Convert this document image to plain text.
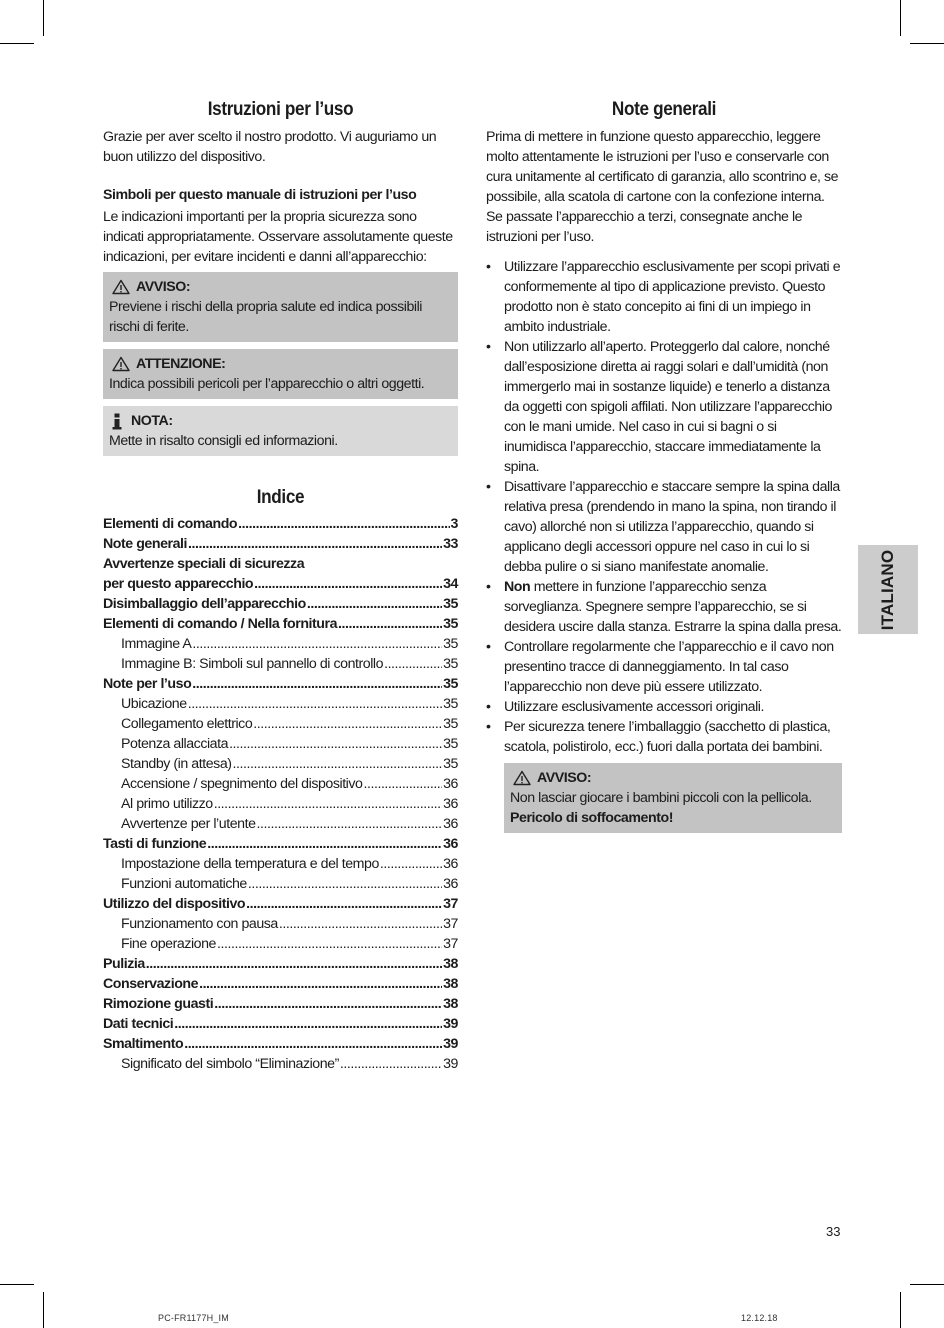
Istruzioni per l’uso

Grazie per aver scelto il nostro prodotto. Vi auguriamo un buon utilizzo del dispositivo.

Simboli per questo manuale di istruzioni per l’uso

Le indicazioni importanti per la propria sicurezza sono indicati appropriatamente. Osservare assolutamente queste indicazioni, per evitare incidenti e danni all’apparecchio:

AVVISO:
Previene i rischi della propria salute ed indica possibili rischi di ferite.
ATTENZIONE:
Indica possibili pericoli per l’apparecchio o altri oggetti.
NOTA:
Mette in risalto consigli ed informazioni.
Indice
Elementi di comando .....	3
Note generali .....	33
Avvertenze speciali di sicurezza
per questo apparecchio .....	34
Disimballaggio dell’apparecchio .....	35
Elementi di comando / Nella fornitura .....	35
Immagine A .....	35
Immagine B: Simboli sul pannello di controllo .....	35
Note per l’uso .....	35
Ubicazione .....	35
Collegamento elettrico .....	35
Potenza allacciata .....	35
Standby (in attesa) .....	35
Accensione / spegnimento del dispositivo .....	36
Al primo utilizzo .....	36
Avvertenze per l’utente .....	36
Tasti di funzione .....	36
Impostazione della temperatura e del tempo .....	36
Funzioni automatiche .....	36
Utilizzo del dispositivo .....	37
Funzionamento con pausa .....	37
Fine operazione .....	37
Pulizia .....	38
Conservazione .....	38
Rimozione guasti .....	38
Dati tecnici .....	39
Smaltimento .....	39
Significato del simbolo “Eliminazione” .....	39
Note generali

Prima di mettere in funzione questo apparecchio, leggere molto attentamente le istruzioni per l’uso e conservarle con cura unitamente al certificato di garanzia, allo scontrino e, se possibile, alla scatola di cartone con la confezione interna. Se passate l’apparecchio a terzi, consegnate anche le istruzioni per l’uso.

• Utilizzare l’apparecchio esclusivamente per scopi privati e conformemente al tipo di applicazione previsto. Questo prodotto non è stato concepito ai fini di un impiego in ambito industriale.
• Non utilizzarlo all’aperto. Proteggerlo dal calore, nonché dall’esposizione diretta ai raggi solari e dall’umidità (non immergerlo mai in sostanze liquide) e tenerlo a distanza da oggetti con spigoli affilati. Non utilizzare l’apparecchio con le mani umide. Nel caso in cui si bagni o si inumidisca l’apparecchio, staccare immediatamente la spina.
• Disattivare l’apparecchio e staccare sempre la spina dalla relativa presa (prendendo in mano la spina, non tirando il cavo) allorché non si utilizza l’apparecchio, quando si applicano degli accessori oppure nel caso in cui lo si debba pulire o si siano manifestate anomalie.
• Non mettere in funzione l’apparecchio senza sorveglianza. Spegnere sempre l’apparecchio, se si desidera uscire dalla stanza. Estrarre la spina dalla presa.
• Controllare regolarmente che l’apparecchio e il cavo non presentino tracce di danneggiamento. In tal caso l’apparecchio non deve più essere utilizzato.
• Utilizzare esclusivamente accessori originali.
• Per sicurezza tenere l’imballaggio (sacchetto di plastica, scatola, polistirolo, ecc.) fuori dalla portata dei bambini.
AVVISO:
Non lasciar giocare i bambini piccoli con la pellicola.
Pericolo di soffocamento!
ITALIANO
33
PC-FR1177H_IM	12.12.18
